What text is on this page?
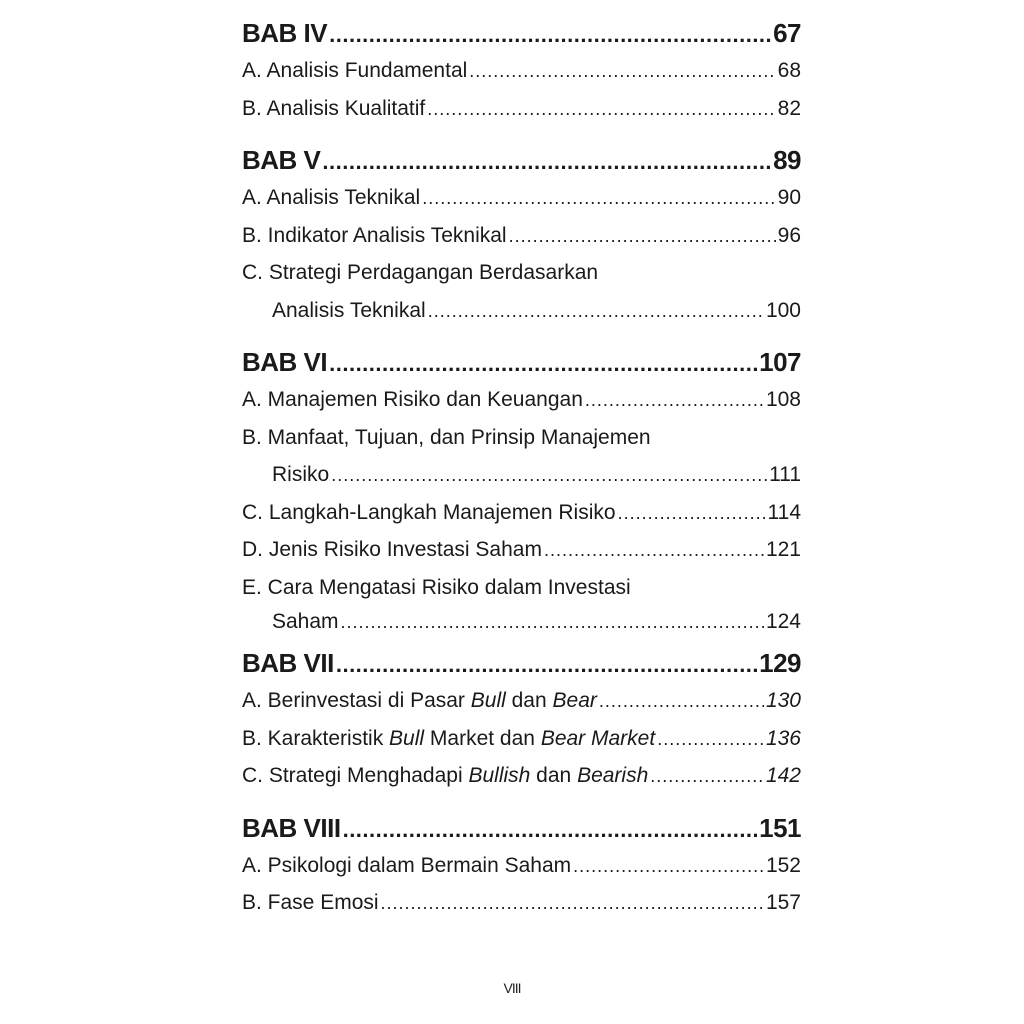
BAB IV .....	67
A. Analisis Fundamental .....	68
B. Analisis Kualitatif .....	82
BAB V .....	89
A. Analisis Teknikal .....	90
B. Indikator Analisis Teknikal .....	96
C. Strategi Perdagangan Berdasarkan
Analisis Teknikal .....	100
BAB VI .....	107
A. Manajemen Risiko dan Keuangan .....	108
B. Manfaat, Tujuan, dan Prinsip Manajemen
Risiko .....	111
C. Langkah-Langkah Manajemen Risiko .....	114
D. Jenis Risiko Investasi Saham .....	121
E. Cara Mengatasi Risiko dalam Investasi
Saham .....	124
BAB VII .....	129
A. Berinvestasi di Pasar Bull dan Bear .....	130
B. Karakteristik Bull Market dan Bear Market .....	136
C. Strategi Menghadapi Bullish dan Bearish .....	142
BAB VIII .....	151
A. Psikologi dalam Bermain Saham .....	152
B. Fase Emosi .....	157
VIII
